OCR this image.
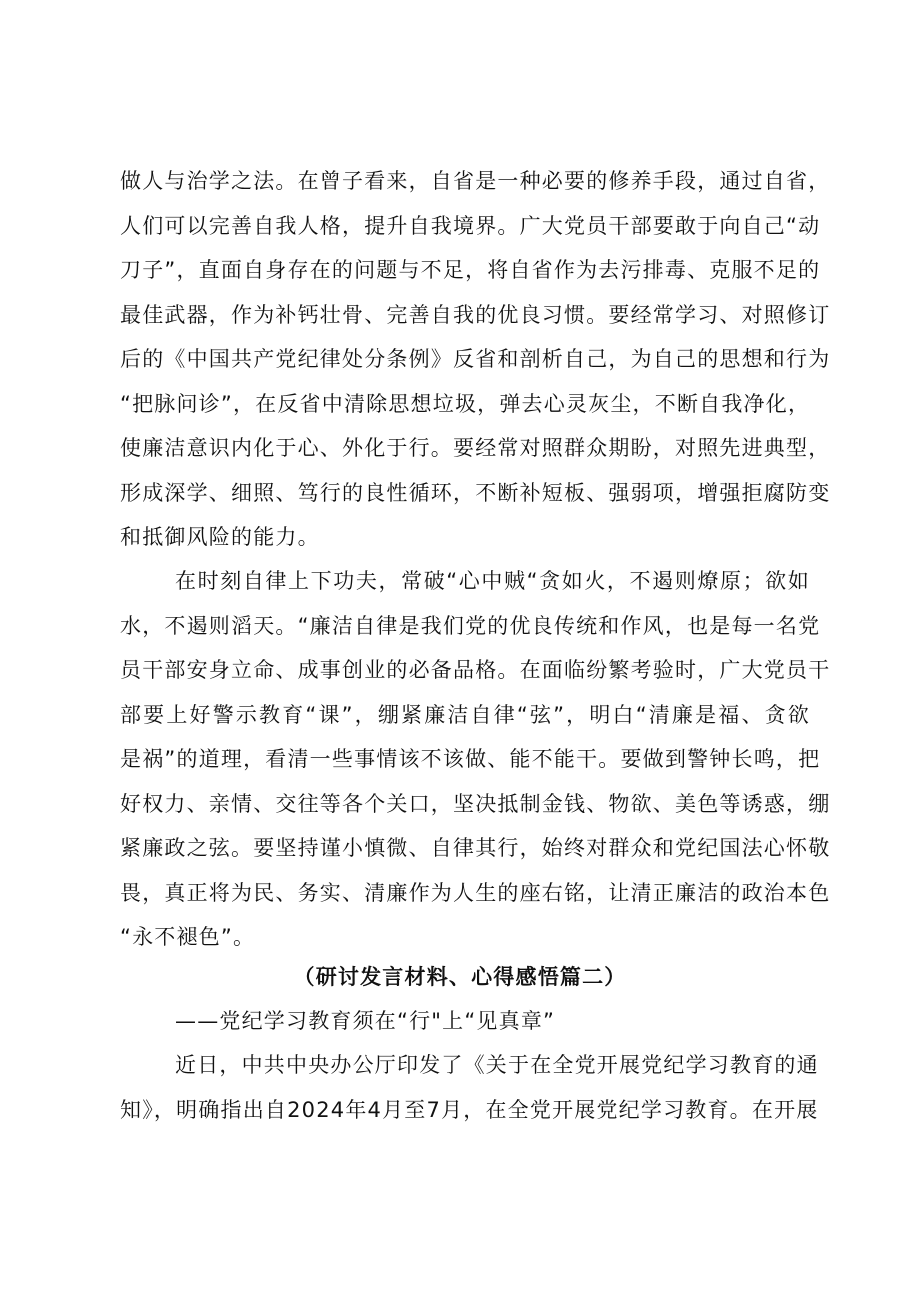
做人与治学之法。在曾子看来，自省是一种必要的修养手段，通过自省，
人们可以完善自我人格，提升自我境界。广大党员干部要敢于向自己“动
刀子”，直面自身存在的问题与不足，将自省作为去污排毒、克服不足的
最佳武器，作为补钙壮骨、完善自我的优良习惯。要经常学习、对照修订
后的《中国共产党纪律处分条例》反省和剖析自己，为自己的思想和行为
“把脉问诊”，在反省中清除思想垃圾，弹去心灵灰尘，不断自我净化，
使廉洁意识内化于心、外化于行。要经常对照群众期盼，对照先进典型，
形成深学、细照、笃行的良性循环，不断补短板、强弱项，增强拒腐防变
和抵御风险的能力。
在时刻自律上下功夫，常破“心中贼“贪如火，不遏则燎原；欲如
水，不遏则滔天。“廉洁自律是我们党的优良传统和作风，也是每一名党
员干部安身立命、成事创业的必备品格。在面临纷繁考验时，广大党员干
部要上好警示教育“课”，绷紧廉洁自律“弦”，明白“清廉是福、贪欲
是祸”的道理，看清一些事情该不该做、能不能干。要做到警钟长鸣，把
好权力、亲情、交往等各个关口，坚决抵制金钱、物欲、美色等诱惑，绷
紧廉政之弦。要坚持谨小慎微、自律其行，始终对群众和党纪国法心怀敬
畏，真正将为民、务实、清廉作为人生的座右铭，让清正廉洁的政治本色
“永不褪色”。
（研讨发言材料、心得感悟篇二）
——党纪学习教育须在“行"上“见真章”
近日，中共中央办公厅印发了《关于在全党开展党纪学习教育的通
知》，明确指出自2024年4月至7月，在全党开展党纪学习教育。在开展
